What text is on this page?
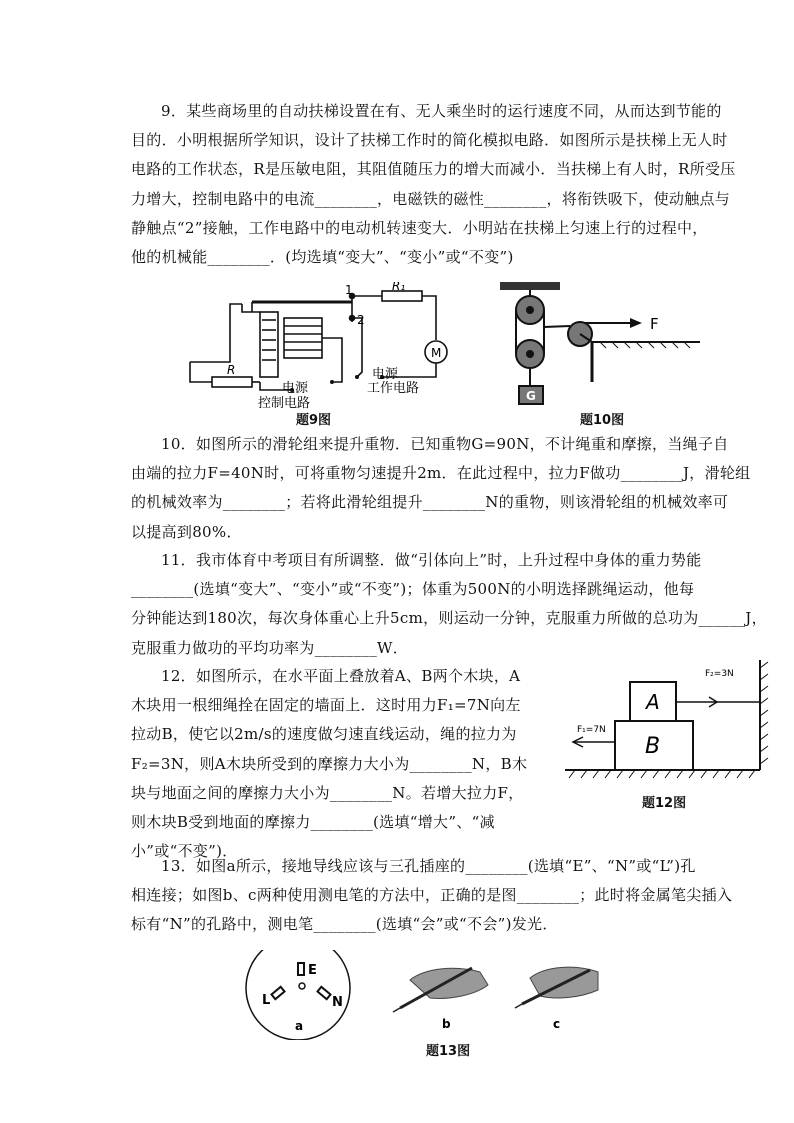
9．某些商场里的自动扶梯设置在有、无人乘坐时的运行速度不同，从而达到节能的

目的．小明根据所学知识，设计了扶梯工作时的简化模拟电路．如图所示是扶梯上无人时

电路的工作状态，R是压敏电阻，其阻值随压力的增大而减小．当扶梯上有人时，R所受压

力增大，控制电路中的电流________，电磁铁的磁性________，将衔铁吸下，使动触点与

静触点“2”接触，工作电路中的电动机转速变大．小明站在扶梯上匀速上行的过程中，

他的机械能________．(均选填“变大”、“变小”或“不变”)

1
2
R₁
R
M
电源
控制电路
电源
工作电路
题9图
G
F
题10图

10．如图所示的滑轮组来提升重物．已知重物G=90N，不计绳重和摩擦，当绳子自

由端的拉力F=40N时，可将重物匀速提升2m．在此过程中，拉力F做功________J，滑轮组

的机械效率为________；若将此滑轮组提升________N的重物，则该滑轮组的机械效率可

以提高到80%．

11．我市体育中考项目有所调整．做“引体向上”时，上升过程中身体的重力势能

________(选填“变大”、“变小”或“不变”)；体重为500N的小明选择跳绳运动，他每

分钟能达到180次，每次身体重心上升5cm，则运动一分钟，克服重力所做的总功为______J，

克服重力做功的平均功率为________W．

12．如图所示，在水平面上叠放着A、B两个木块，A

木块用一根细绳拴在固定的墙面上．这时用力F₁=7N向左

拉动B，使它以2m/s的速度做匀速直线运动，绳的拉力为

F₂=3N，则A木块所受到的摩擦力大小为________N，B木

块与地面之间的摩擦力大小为________N。若增大拉力F，

则木块B受到地面的摩擦力________(选填“增大”、“减

小”或“不变”)．

A
B
F₂=3N
F₁=7N
题12图

13．如图a所示，接地导线应该与三孔插座的________(选填“E”、“N”或“L”)孔

相连接；如图b、c两种使用测电笔的方法中，正确的是图________；此时将金属笔尖插入

标有“N”的孔路中，测电笔________(选填“会”或“不会”)发光．

E
L	N
b	c
a
题13图
